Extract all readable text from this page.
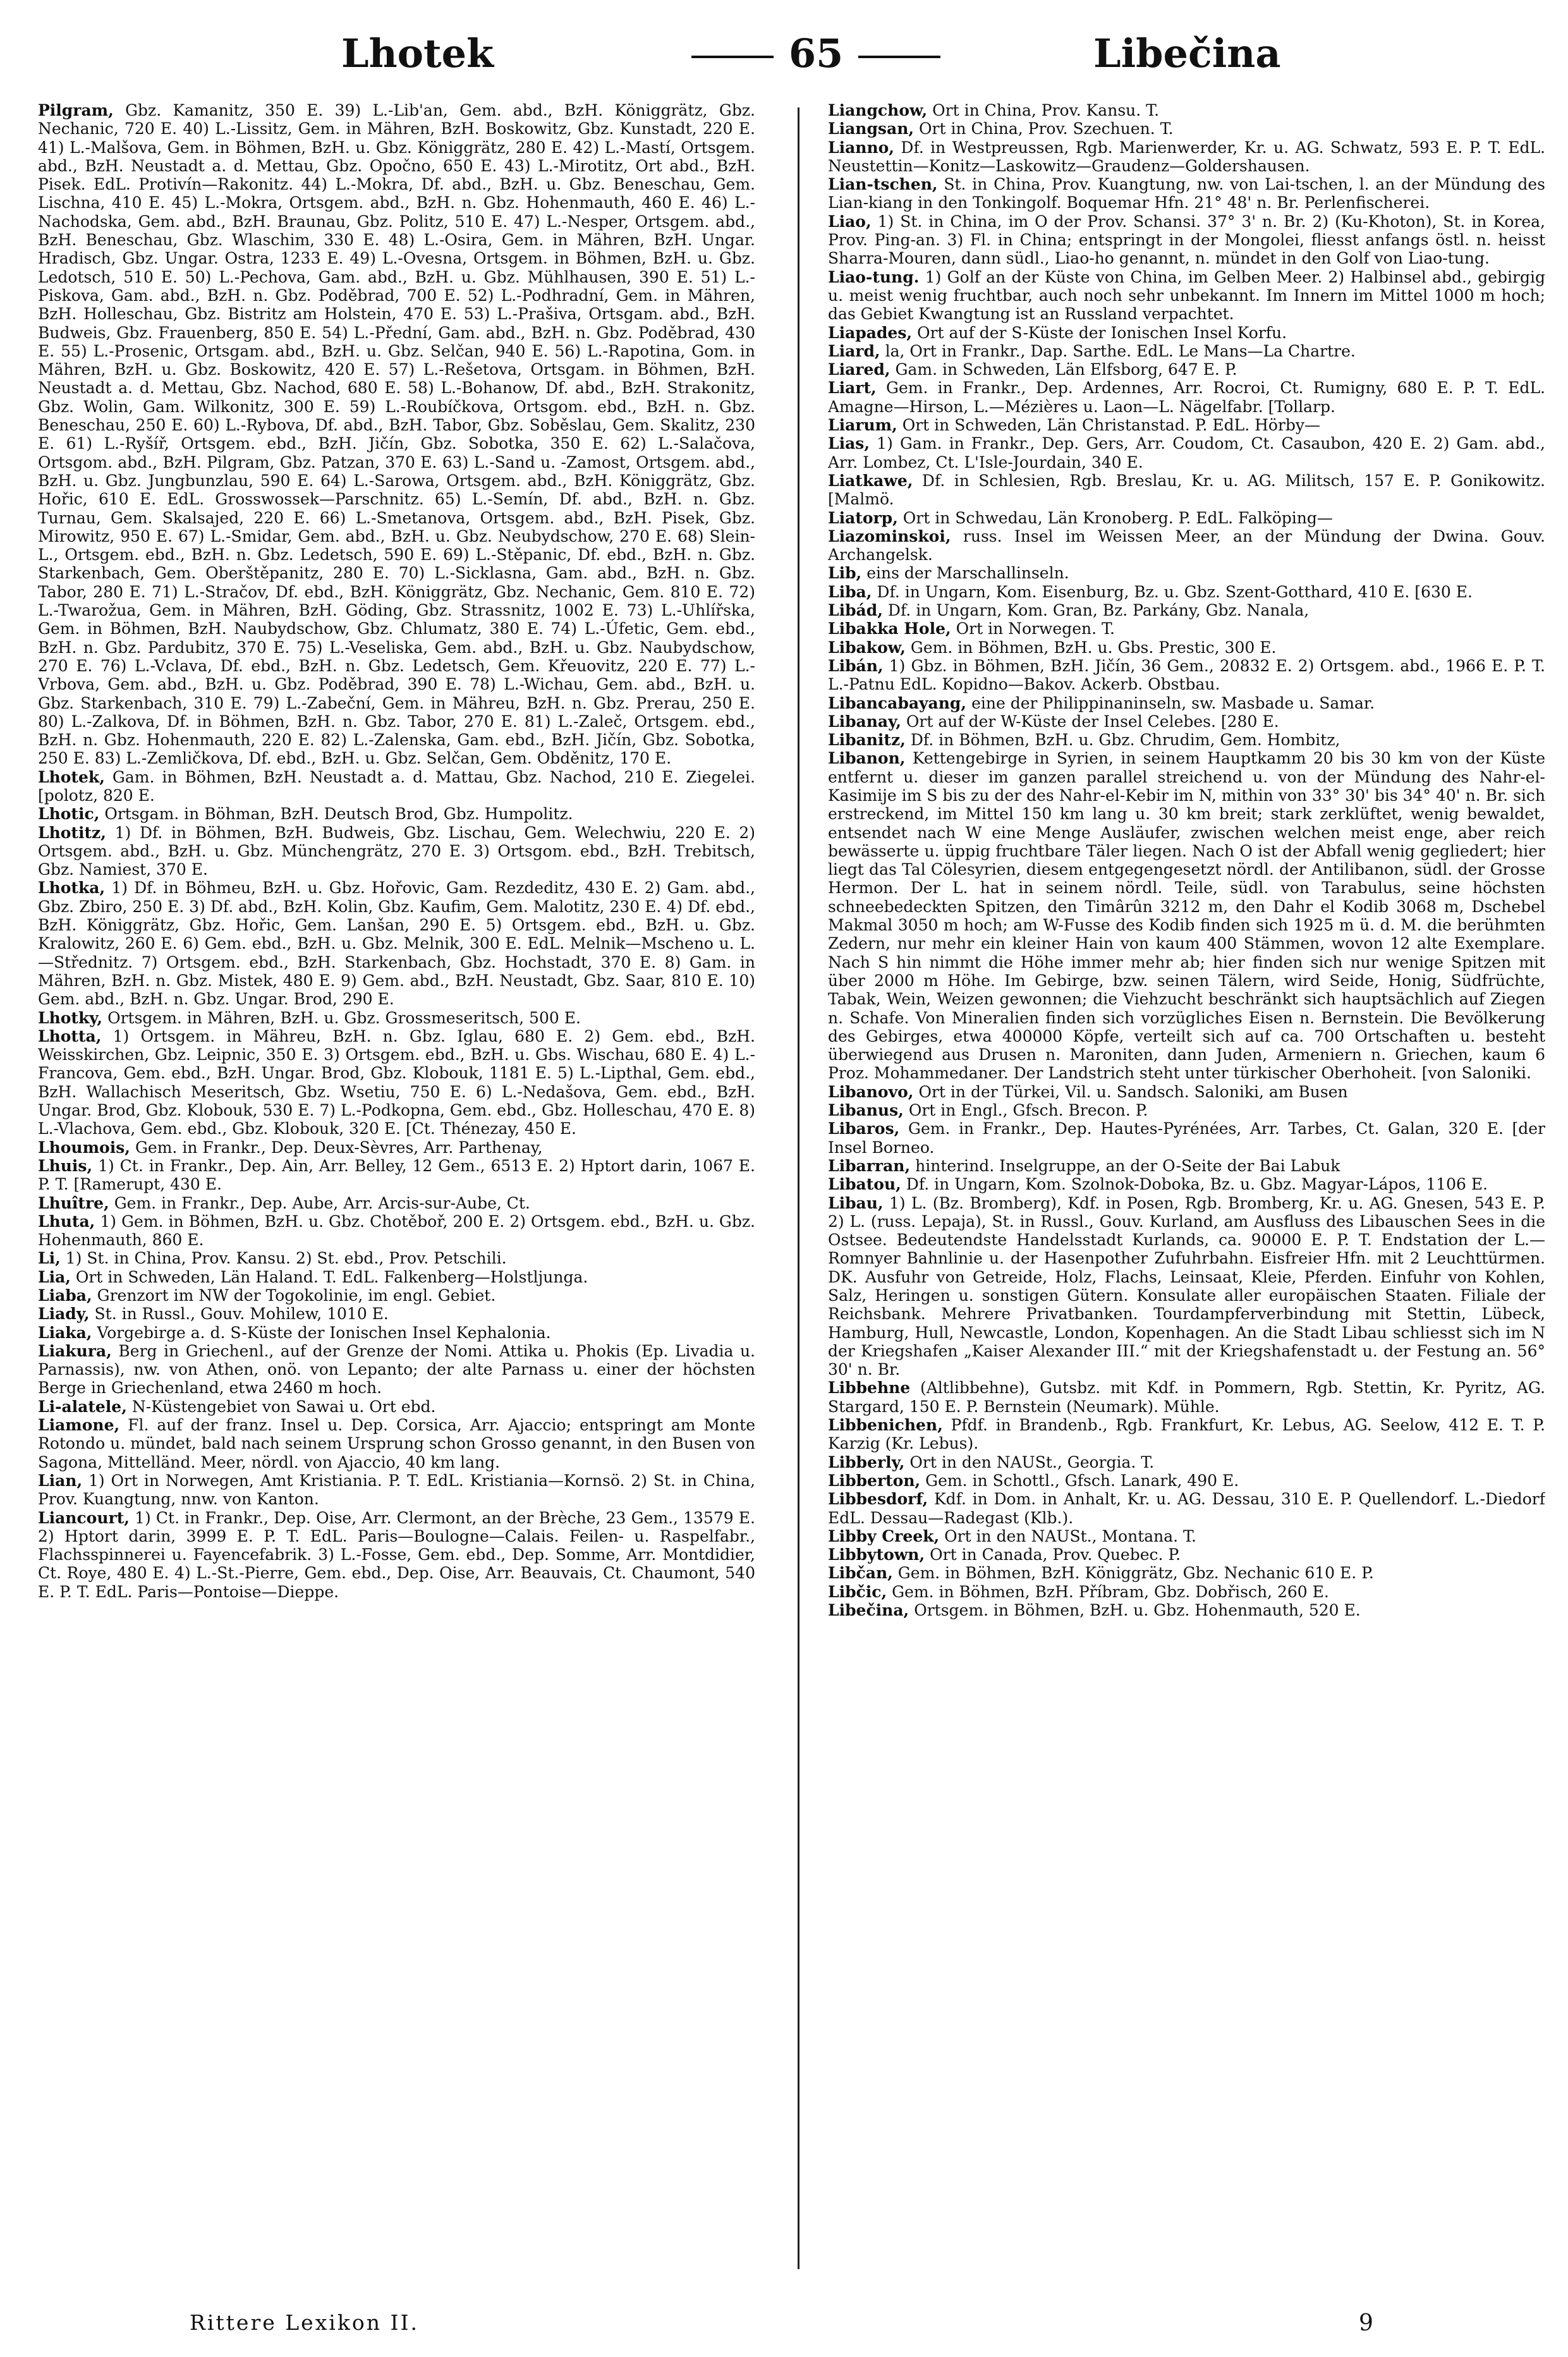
Lhotek	65	Libečina

Pilgram, Gbz. Kamanitz, 350 E. 39) L.-Lib'an, Gem. abd., BzH. Königgrätz, Gbz. Nechanic, 720 E. 40) L.-Lissitz, Gem. in Mähren, BzH. Boskowitz, Gbz. Kunstadt, 220 E. 41) L.-Malšova, Gem. in Böhmen, BzH. u. Gbz. Königgrätz, 280 E. 42) L.-Mastí, Ortsgem. abd., BzH. Neustadt a. d. Mettau, Gbz. Opočno, 650 E. 43) L.-Mirotitz, Ort abd., BzH. Pisek. EdL. Protivín—Rakonitz. 44) L.-Mokra, Df. abd., BzH. u. Gbz. Beneschau, Gem. Lischna, 410 E. 45) L.-Mokra, Ortsgem. abd., BzH. n. Gbz. Hohenmauth, 460 E. 46) L.-Nachodska, Gem. abd., BzH. Braunau, Gbz. Politz, 510 E. 47) L.-Nesper, Ortsgem. abd., BzH. Beneschau, Gbz. Wlaschim, 330 E. 48) L.-Osira, Gem. in Mähren, BzH. Ungar. Hradisch, Gbz. Ungar. Ostra, 1233 E. 49) L.-Ovesna, Ortsgem. in Böhmen, BzH. u. Gbz. Ledotsch, 510 E. 50) L.-Pechova, Gam. abd., BzH. u. Gbz. Mühlhausen, 390 E. 51) L.-Piskova, Gam. abd., BzH. n. Gbz. Poděbrad, 700 E. 52) L.-Podhradní, Gem. in Mähren, BzH. Holleschau, Gbz. Bistritz am Holstein, 470 E. 53) L.-Prašiva, Ortsgam. abd., BzH. Budweis, Gbz. Frauenberg, 850 E. 54) L.-Přední, Gam. abd., BzH. n. Gbz. Poděbrad, 430 E. 55) L.-Prosenic, Ortsgam. abd., BzH. u. Gbz. Selčan, 940 E. 56) L.-Rapotina, Gom. in Mähren, BzH. u. Gbz. Boskowitz, 420 E. 57) L.-Rešetova, Ortsgam. in Böhmen, BzH. Neustadt a. d. Mettau, Gbz. Nachod, 680 E. 58) L.-Bohanow, Df. abd., BzH. Strakonitz, Gbz. Wolin, Gam. Wilkonitz, 300 E. 59) L.-Roubíčkova, Ortsgom. ebd., BzH. n. Gbz. Beneschau, 250 E. 60) L.-Rybova, Df. abd., BzH. Tabor, Gbz. Soběslau, Gem. Skalitz, 230 E. 61) L.-Ryšíř, Ortsgem. ebd., BzH. Jičín, Gbz. Sobotka, 350 E. 62) L.-Salačova, Ortsgom. abd., BzH. Pilgram, Gbz. Patzan, 370 E. 63) L.-Sand u. -Zamost, Ortsgem. abd., BzH. u. Gbz. Jungbunzlau, 590 E. 64) L.-Sarowa, Ortsgem. abd., BzH. Königgrätz, Gbz. Hořic, 610 E. EdL. Grosswossek—Parschnitz. 65) L.-Semín, Df. abd., BzH. n. Gbz. Turnau, Gem. Skalsajed, 220 E. 66) L.-Smetanova, Ortsgem. abd., BzH. Pisek, Gbz. Mirowitz, 950 E. 67) L.-Smidar, Gem. abd., BzH. u. Gbz. Neubydschow, 270 E. 68) Slein-L., Ortsgem. ebd., BzH. n. Gbz. Ledetsch, 590 E. 69) L.-Stěpanic, Df. ebd., BzH. n. Gbz. Starkenbach, Gem. Oberštěpanitz, 280 E. 70) L.-Sicklasna, Gam. abd., BzH. n. Gbz. Tabor, 280 E. 71) L.-Stračov, Df. ebd., BzH. Königgrätz, Gbz. Nechanic, Gem. 810 E. 72) L.-Twarožua, Gem. in Mähren, BzH. Göding, Gbz. Strassnitz, 1002 E. 73) L.-Uhlířska, Gem. in Böhmen, BzH. Naubydschow, Gbz. Chlumatz, 380 E. 74) L.-Úfetic, Gem. ebd., BzH. n. Gbz. Pardubitz, 370 E. 75) L.-Veseliska, Gem. abd., BzH. u. Gbz. Naubydschow, 270 E. 76) L.-Vclava, Df. ebd., BzH. n. Gbz. Ledetsch, Gem. Křeuovitz, 220 E. 77) L.-Vrbova, Gem. abd., BzH. u. Gbz. Poděbrad, 390 E. 78) L.-Wichau, Gem. abd., BzH. u. Gbz. Starkenbach, 310 E. 79) L.-Zabeční, Gem. in Mähreu, BzH. n. Gbz. Prerau, 250 E. 80) L.-Zalkova, Df. in Böhmen, BzH. n. Gbz. Tabor, 270 E. 81) L.-Zaleč, Ortsgem. ebd., BzH. n. Gbz. Hohenmauth, 220 E. 82) L.-Zalenska, Gam. ebd., BzH. Jičín, Gbz. Sobotka, 250 E. 83) L.-Zemličkova, Df. ebd., BzH. u. Gbz. Selčan, Gem. Obděnitz, 170 E.

Lhotek, Gam. in Böhmen, BzH. Neustadt a. d. Mattau, Gbz. Nachod, 210 E. Ziegelei. [polotz, 820 E.

Lhotic, Ortsgam. in Böhman, BzH. Deutsch Brod, Gbz. Humpolitz.

Lhotitz, 1) Df. in Böhmen, BzH. Budweis, Gbz. Lischau, Gem. Welechwiu, 220 E. 2) Ortsgem. abd., BzH. u. Gbz. Münchengrätz, 270 E. 3) Ortsgom. ebd., BzH. Trebitsch, Gbz. Namiest, 370 E.

Lhotka, 1) Df. in Böhmeu, BzH. u. Gbz. Hořovic, Gam. Rezdeditz, 430 E. 2) Gam. abd., Gbz. Zbiro, 250 E. 3) Df. abd., BzH. Kolin, Gbz. Kaufim, Gem. Malotitz, 230 E. 4) Df. ebd., BzH. Königgrätz, Gbz. Hořic, Gem. Lanšan, 290 E. 5) Ortsgem. ebd., BzH. u. Gbz. Kralowitz, 260 E. 6) Gem. ebd., BzH. u. Gbz. Melnik, 300 E. EdL. Melnik—Mscheno u. L.—Střednitz. 7) Ortsgem. ebd., BzH. Starkenbach, Gbz. Hochstadt, 370 E. 8) Gam. in Mähren, BzH. n. Gbz. Mistek, 480 E. 9) Gem. abd., BzH. Neustadt, Gbz. Saar, 810 E. 10) Gem. abd., BzH. n. Gbz. Ungar. Brod, 290 E.

Lhotky, Ortsgem. in Mähren, BzH. u. Gbz. Grossmeseritsch, 500 E.

Lhotta, 1) Ortsgem. in Mähreu, BzH. n. Gbz. Iglau, 680 E. 2) Gem. ebd., BzH. Weisskirchen, Gbz. Leipnic, 350 E. 3) Ortsgem. ebd., BzH. u. Gbs. Wischau, 680 E. 4) L.-Francova, Gem. ebd., BzH. Ungar. Brod, Gbz. Klobouk, 1181 E. 5) L.-Lipthal, Gem. ebd., BzH. Wallachisch Meseritsch, Gbz. Wsetiu, 750 E. 6) L.-Nedašova, Gem. ebd., BzH. Ungar. Brod, Gbz. Klobouk, 530 E. 7) L.-Podkopna, Gem. ebd., Gbz. Holleschau, 470 E. 8) L.-Vlachova, Gem. ebd., Gbz. Klobouk, 320 E. [Ct. Thénezay, 450 E.

Lhoumois, Gem. in Frankr., Dep. Deux-Sèvres, Arr. Parthenay,

Lhuis, 1) Ct. in Frankr., Dep. Ain, Arr. Belley, 12 Gem., 6513 E. 2) Hptort darin, 1067 E. P. T. [Ramerupt, 430 E.

Lhuître, Gem. in Frankr., Dep. Aube, Arr. Arcis-sur-Aube, Ct.

Lhuta, 1) Gem. in Böhmen, BzH. u. Gbz. Chotěboř, 200 E. 2) Ortsgem. ebd., BzH. u. Gbz. Hohenmauth, 860 E.

Li, 1) St. in China, Prov. Kansu. 2) St. ebd., Prov. Petschili.

Lia, Ort in Schweden, Län Haland. T. EdL. Falkenberg—Holstljunga.

Liaba, Grenzort im NW der Togokolinie, im engl. Gebiet.

Liady, St. in Russl., Gouv. Mohilew, 1010 E.

Liaka, Vorgebirge a. d. S-Küste der Ionischen Insel Kephalonia.

Liakura, Berg in Griechenl., auf der Grenze der Nomi. Attika u. Phokis (Ep. Livadia u. Parnassis), nw. von Athen, onö. von Lepanto; der alte Parnass u. einer der höchsten Berge in Griechenland, etwa 2460 m hoch.

Li-alatele, N-Küstengebiet von Sawai u. Ort ebd.

Liamone, Fl. auf der franz. Insel u. Dep. Corsica, Arr. Ajaccio; entspringt am Monte Rotondo u. mündet, bald nach seinem Ursprung schon Grosso genannt, in den Busen von Sagona, Mittelländ. Meer, nördl. von Ajaccio, 40 km lang.

Lian, 1) Ort in Norwegen, Amt Kristiania. P. T. EdL. Kristiania—Kornsö. 2) St. in China, Prov. Kuangtung, nnw. von Kanton.

Liancourt, 1) Ct. in Frankr., Dep. Oise, Arr. Clermont, an der Brèche, 23 Gem., 13579 E. 2) Hptort darin, 3999 E. P. T. EdL. Paris—Boulogne—Calais. Feilen- u. Raspelfabr., Flachsspinnerei u. Fayencefabrik. 3) L.-Fosse, Gem. ebd., Dep. Somme, Arr. Montdidier, Ct. Roye, 480 E. 4) L.-St.-Pierre, Gem. ebd., Dep. Oise, Arr. Beauvais, Ct. Chaumont, 540 E. P. T. EdL. Paris—Pontoise—Dieppe.

Liangchow, Ort in China, Prov. Kansu. T.

Liangsan, Ort in China, Prov. Szechuen. T.

Lianno, Df. in Westpreussen, Rgb. Marienwerder, Kr. u. AG. Schwatz, 593 E. P. T. EdL. Neustettin—Konitz—Laskowitz—Graudenz—Goldershausen.

Lian-tschen, St. in China, Prov. Kuangtung, nw. von Lai-tschen, l. an der Mündung des Lian-kiang in den Tonkingolf. Boquemar Hfn. 21° 48' n. Br. Perlenfischerei.

Liao, 1) St. in China, im O der Prov. Schansi. 37° 3' n. Br. 2) (Ku-Khoton), St. in Korea, Prov. Ping-an. 3) Fl. in China; entspringt in der Mongolei, fliesst anfangs östl. n. heisst Sharra-Mouren, dann südl., Liao-ho genannt, n. mündet in den Golf von Liao-tung.

Liao-tung. 1) Golf an der Küste von China, im Gelben Meer. 2) Halbinsel abd., gebirgig u. meist wenig fruchtbar, auch noch sehr unbekannt. Im Innern im Mittel 1000 m hoch; das Gebiet Kwangtung ist an Russland verpachtet.

Liapades, Ort auf der S-Küste der Ionischen Insel Korfu.

Liard, la, Ort in Frankr., Dap. Sarthe. EdL. Le Mans—La Chartre.

Liared, Gam. in Schweden, Län Elfsborg, 647 E. P.

Liart, Gem. in Frankr., Dep. Ardennes, Arr. Rocroi, Ct. Rumigny, 680 E. P. T. EdL. Amagne—Hirson, L.—Mézières u. Laon—L. Nägelfabr. [Tollarp.

Liarum, Ort in Schweden, Län Christanstad. P. EdL. Hörby—

Lias, 1) Gam. in Frankr., Dep. Gers, Arr. Coudom, Ct. Casaubon, 420 E. 2) Gam. abd., Arr. Lombez, Ct. L'Isle-Jourdain, 340 E.

Liatkawe, Df. in Schlesien, Rgb. Breslau, Kr. u. AG. Militsch, 157 E. P. Gonikowitz. [Malmö.

Liatorp, Ort in Schwedau, Län Kronoberg. P. EdL. Falköping—

Liazominskoi, russ. Insel im Weissen Meer, an der Mündung der Dwina. Gouv. Archangelsk.

Lib, eins der Marschallinseln.

Liba, Df. in Ungarn, Kom. Eisenburg, Bz. u. Gbz. Szent-Gotthard, 410 E. [630 E.

Libád, Df. in Ungarn, Kom. Gran, Bz. Parkány, Gbz. Nanala,

Libakka Hole, Ort in Norwegen. T.

Libakow, Gem. in Böhmen, BzH. u. Gbs. Prestic, 300 E.

Libán, 1) Gbz. in Böhmen, BzH. Jičín, 36 Gem., 20832 E. 2) Ortsgem. abd., 1966 E. P. T. L.-Patnu EdL. Kopidno—Bakov. Ackerb. Obstbau.

Libancabayang, eine der Philippinaninseln, sw. Masbade u. Samar.

Libanay, Ort auf der W-Küste der Insel Celebes. [280 E.

Libanitz, Df. in Böhmen, BzH. u. Gbz. Chrudim, Gem. Hombitz,

Libanon, Kettengebirge in Syrien, in seinem Hauptkamm 20 bis 30 km von der Küste entfernt u. dieser im ganzen parallel streichend u. von der Mündung des Nahr-el-Kasimije im S bis zu der des Nahr-el-Kebir im N, mithin von 33° 30' bis 34° 40' n. Br. sich erstreckend, im Mittel 150 km lang u. 30 km breit; stark zerklüftet, wenig bewaldet, entsendet nach W eine Menge Ausläufer, zwischen welchen meist enge, aber reich bewässerte u. üppig fruchtbare Täler liegen. Nach O ist der Abfall wenig gegliedert; hier liegt das Tal Cölesyrien, diesem entgegengesetzt nördl. der Antilibanon, südl. der Grosse Hermon. Der L. hat in seinem nördl. Teile, südl. von Tarabulus, seine höchsten schneebedeckten Spitzen, den Timârûn 3212 m, den Dahr el Kodib 3068 m, Dschebel Makmal 3050 m hoch; am W-Fusse des Kodib finden sich 1925 m ü. d. M. die berühmten Zedern, nur mehr ein kleiner Hain von kaum 400 Stämmen, wovon 12 alte Exemplare. Nach S hin nimmt die Höhe immer mehr ab; hier finden sich nur wenige Spitzen mit über 2000 m Höhe. Im Gebirge, bzw. seinen Tälern, wird Seide, Honig, Südfrüchte, Tabak, Wein, Weizen gewonnen; die Viehzucht beschränkt sich hauptsächlich auf Ziegen n. Schafe. Von Mineralien finden sich vorzügliches Eisen n. Bernstein. Die Bevölkerung des Gebirges, etwa 400000 Köpfe, verteilt sich auf ca. 700 Ortschaften u. besteht überwiegend aus Drusen n. Maroniten, dann Juden, Armeniern n. Griechen, kaum 6 Proz. Mohammedaner. Der Landstrich steht unter türkischer Oberhoheit. [von Saloniki.

Libanovo, Ort in der Türkei, Vil. u. Sandsch. Saloniki, am Busen

Libanus, Ort in Engl., Gfsch. Brecon. P.

Libaros, Gem. in Frankr., Dep. Hautes-Pyrénées, Arr. Tarbes, Ct. Galan, 320 E. [der Insel Borneo.

Libarran, hinterind. Inselgruppe, an der O-Seite der Bai Labuk

Libatou, Df. in Ungarn, Kom. Szolnok-Doboka, Bz. u. Gbz. Magyar-Lápos, 1106 E.

Libau, 1) L. (Bz. Bromberg), Kdf. in Posen, Rgb. Bromberg, Kr. u. AG. Gnesen, 543 E. P. 2) L. (russ. Lepaja), St. in Russl., Gouv. Kurland, am Ausfluss des Libauschen Sees in die Ostsee. Bedeutendste Handelsstadt Kurlands, ca. 90000 E. P. T. Endstation der L.—Romnyer Bahnlinie u. der Hasenpother Zufuhrbahn. Eisfreier Hfn. mit 2 Leuchttürmen. DK. Ausfuhr von Getreide, Holz, Flachs, Leinsaat, Kleie, Pferden. Einfuhr von Kohlen, Salz, Heringen u. sonstigen Gütern. Konsulate aller europäischen Staaten. Filiale der Reichsbank. Mehrere Privatbanken. Tourdampferverbindung mit Stettin, Lübeck, Hamburg, Hull, Newcastle, London, Kopenhagen. An die Stadt Libau schliesst sich im N der Kriegshafen „Kaiser Alexander III.“ mit der Kriegshafenstadt u. der Festung an. 56° 30' n. Br.

Libbehne (Altlibbehne), Gutsbz. mit Kdf. in Pommern, Rgb. Stettin, Kr. Pyritz, AG. Stargard, 150 E. P. Bernstein (Neumark). Mühle.

Libbenichen, Pfdf. in Brandenb., Rgb. Frankfurt, Kr. Lebus, AG. Seelow, 412 E. T. P. Karzig (Kr. Lebus).

Libberly, Ort in den NAUSt., Georgia. T.

Libberton, Gem. in Schottl., Gfsch. Lanark, 490 E.

Libbesdorf, Kdf. in Dom. in Anhalt, Kr. u. AG. Dessau, 310 E. P. Quellendorf. L.-Diedorf EdL. Dessau—Radegast (Klb.).

Libby Creek, Ort in den NAUSt., Montana. T.

Libbytown, Ort in Canada, Prov. Quebec. P.

Libčan, Gem. in Böhmen, BzH. Königgrätz, Gbz. Nechanic 610 E. P.

Libčic, Gem. in Böhmen, BzH. Příbram, Gbz. Dobřisch, 260 E.

Libečina, Ortsgem. in Böhmen, BzH. u. Gbz. Hohenmauth, 520 E.

Rittere Lexikon II.	9
